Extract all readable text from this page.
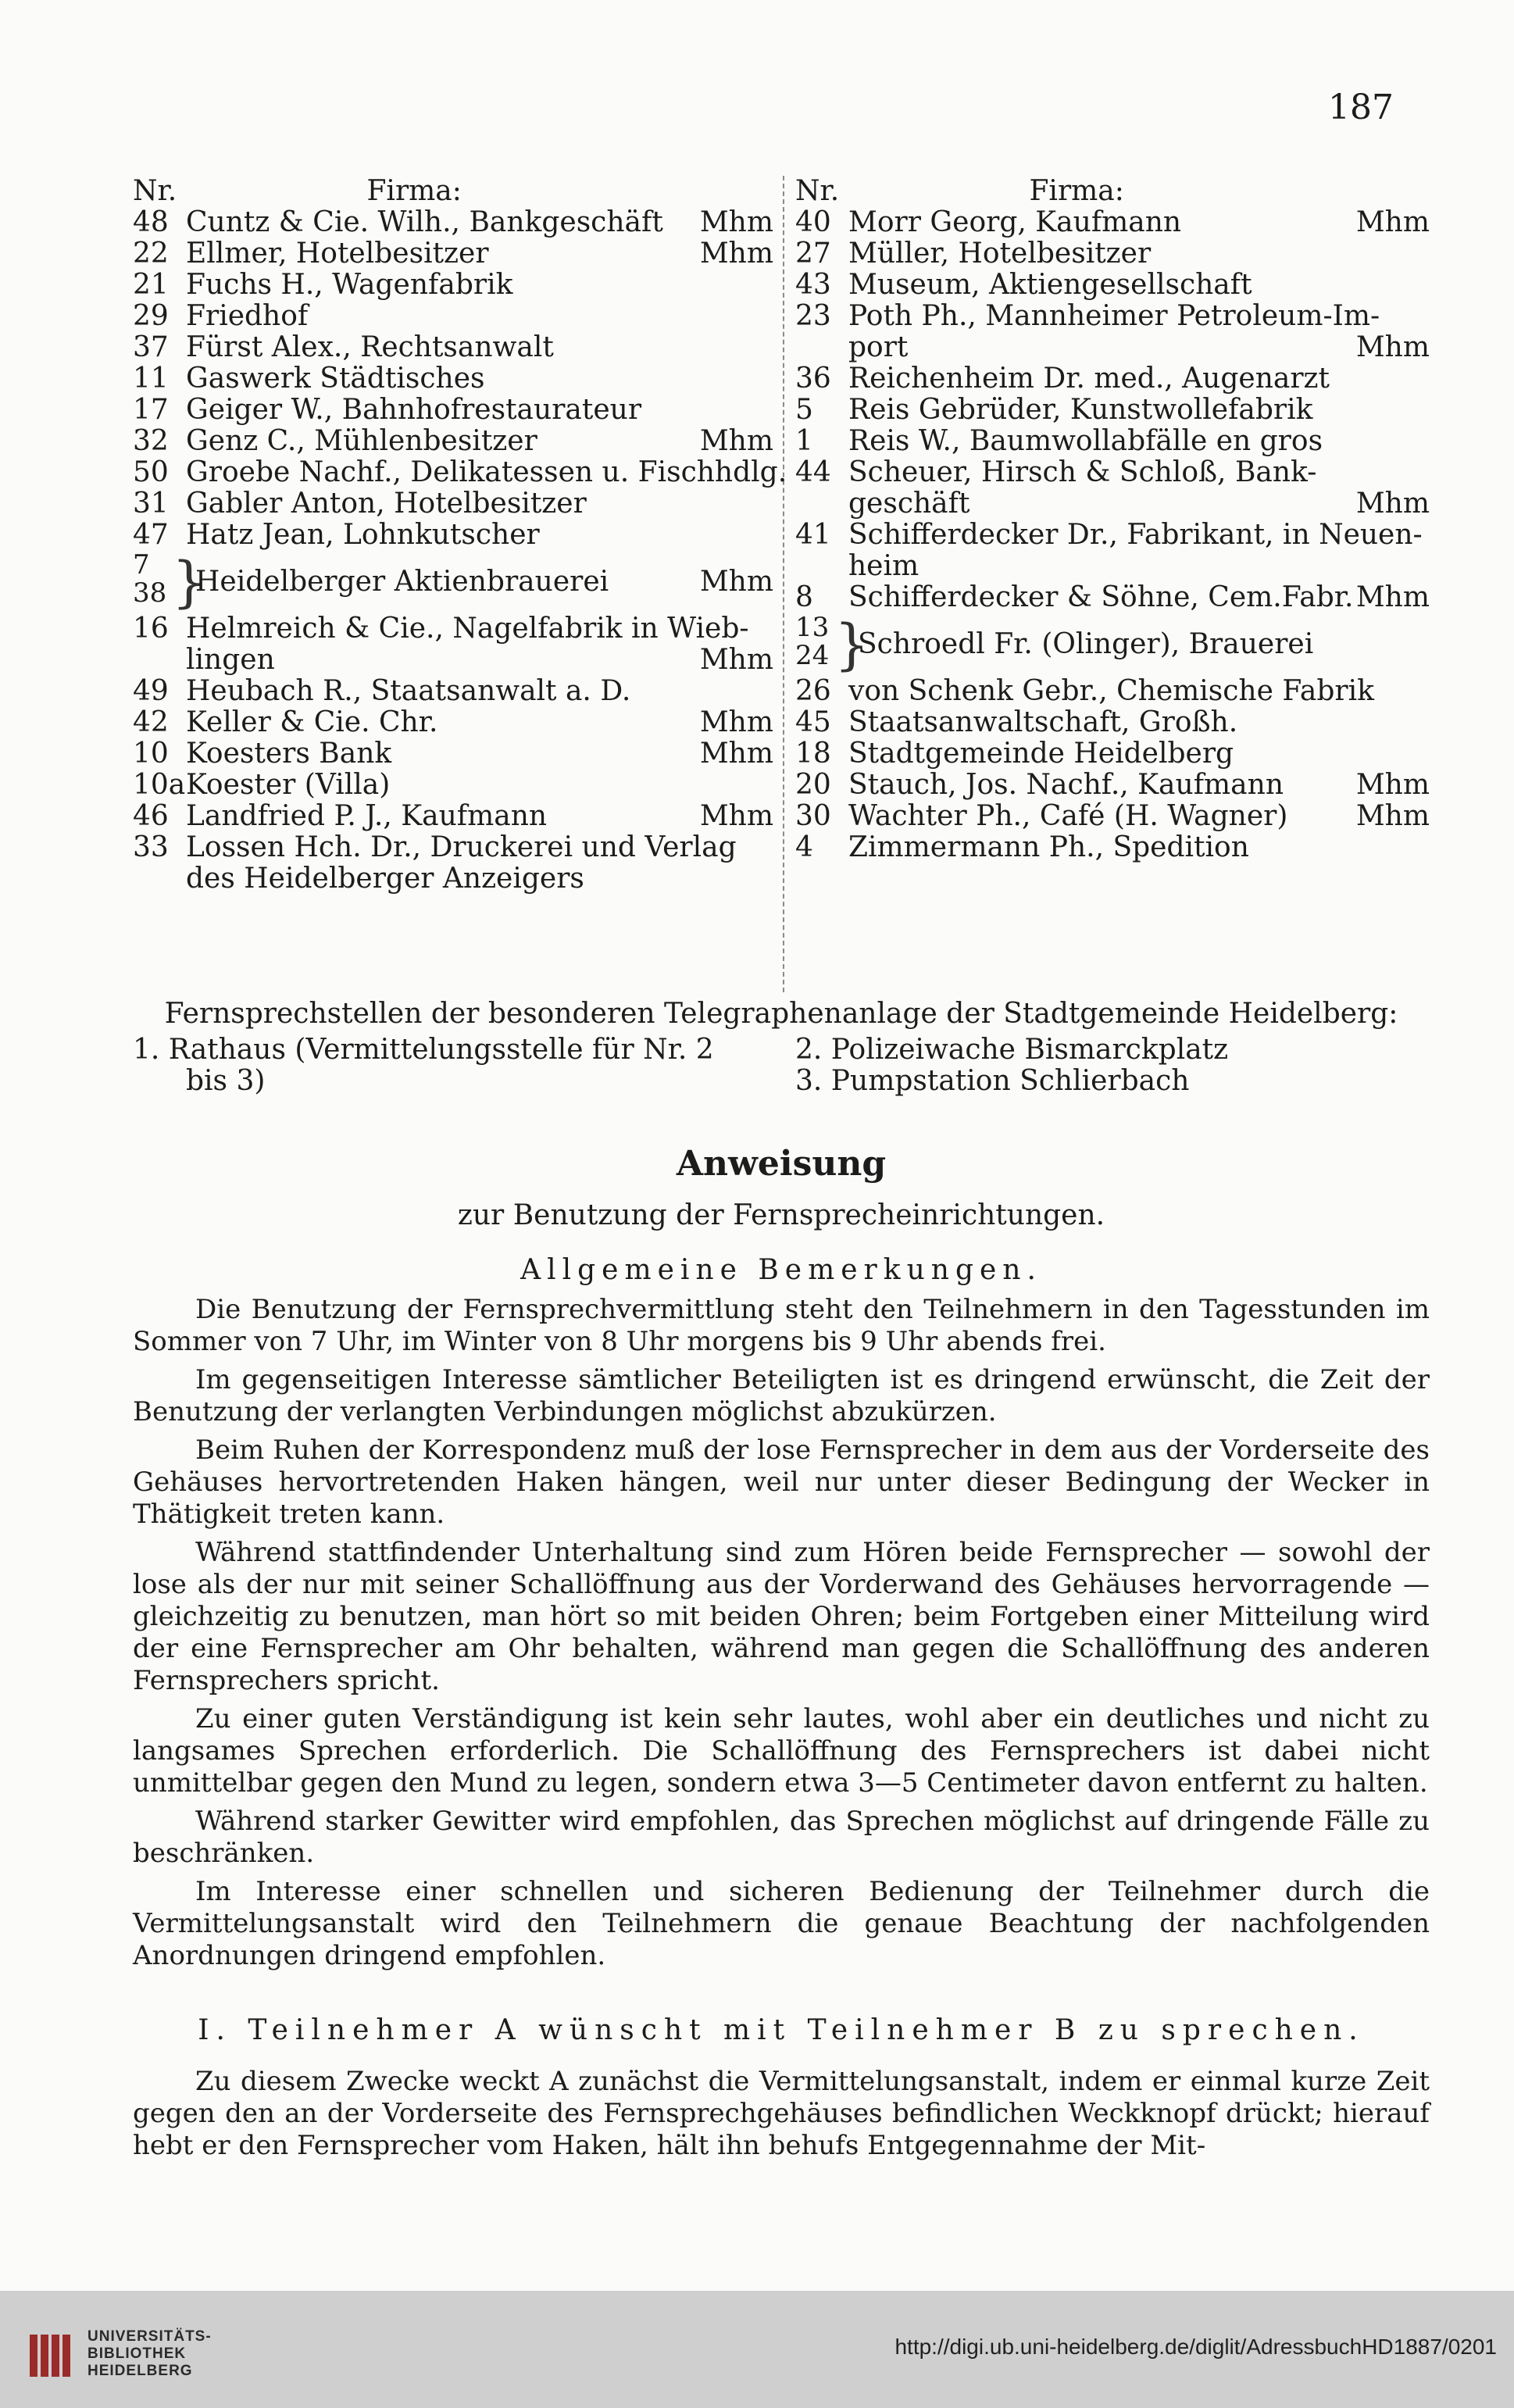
187
Nr.	Firma:
48 Cuntz & Cie. Wilh., Bankgeschäft Mhm
22 Ellmer, Hotelbesitzer	Mhm
21 Fuchs H., Wagenfabrik
29 Friedhof
37 Fürst Alex., Rechtsanwalt
11 Gaswerk Städtisches
17 Geiger W., Bahnhofrestaurateur
32 Genz C., Mühlenbesitzer	Mhm
50 Groebe Nachf., Delikatessen u. Fischhdlg.
31 Gabler Anton, Hotelbesitzer
47 Hatz Jean, Lohnkutscher
7
38}Heidelberger Aktienbrauerei	Mhm
16 Helmreich & Cie., Nagelfabrik in Wieb-
lingen	Mhm
49 Heubach R., Staatsanwalt a. D.
42 Keller & Cie. Chr.	Mhm
10 Koesters Bank	Mhm
10aKoester (Villa)
46 Landfried P. J., Kaufmann	Mhm
33 Lossen Hch. Dr., Druckerei und Verlag
des Heidelberger Anzeigers
Nr.	Firma:
40 Morr Georg, Kaufmann	Mhm
27 Müller, Hotelbesitzer
43 Museum, Aktiengesellschaft
23 Poth Ph., Mannheimer Petroleum-Im-
port	Mhm
36 Reichenheim Dr. med., Augenarzt
5 Reis Gebrüder, Kunstwollefabrik
1 Reis W., Baumwollabfälle en gros
44 Scheuer, Hirsch & Schloß, Bank-
geschäft	Mhm
41 Schifferdecker Dr., Fabrikant, in Neuen-
heim
8 Schifferdecker & Söhne, Cem.Fabr. Mhm
13
24}Schroedl Fr. (Olinger), Brauerei
26 von Schenk Gebr., Chemische Fabrik
45 Staatsanwaltschaft, Großh.
18 Stadtgemeinde Heidelberg
20 Stauch, Jos. Nachf., Kaufmann	Mhm
30 Wachter Ph., Café (H. Wagner) Mhm
4 Zimmermann Ph., Spedition
Fernsprechstellen der besonderen Telegraphenanlage der Stadtgemeinde Heidelberg:
1. Rathaus (Vermittelungsstelle für Nr. 2
bis 3)
2. Polizeiwache Bismarckplatz
3. Pumpstation Schlierbach
Anweisung
zur Benutzung der Fernsprecheinrichtungen.
Allgemeine Bemerkungen.

Die Benutzung der Fernsprechvermittlung steht den Teilnehmern in den Tagesstunden im Sommer von 7 Uhr, im Winter von 8 Uhr morgens bis 9 Uhr abends frei.

Im gegenseitigen Interesse sämtlicher Beteiligten ist es dringend erwünscht, die Zeit der Benutzung der verlangten Verbindungen möglichst abzukürzen.

Beim Ruhen der Korrespondenz muß der lose Fernsprecher in dem aus der Vorderseite des Gehäuses hervortretenden Haken hängen, weil nur unter dieser Bedingung der Wecker in Thätigkeit treten kann.

Während stattfindender Unterhaltung sind zum Hören beide Fernsprecher — sowohl der lose als der nur mit seiner Schallöffnung aus der Vorderwand des Gehäuses hervorragende — gleichzeitig zu benutzen, man hört so mit beiden Ohren; beim Fortgeben einer Mitteilung wird der eine Fernsprecher am Ohr behalten, während man gegen die Schallöffnung des anderen Fernsprechers spricht.

Zu einer guten Verständigung ist kein sehr lautes, wohl aber ein deutliches und nicht zu langsames Sprechen erforderlich. Die Schallöffnung des Fernsprechers ist dabei nicht unmittelbar gegen den Mund zu legen, sondern etwa 3—5 Centimeter davon entfernt zu halten.

Während starker Gewitter wird empfohlen, das Sprechen möglichst auf dringende Fälle zu beschränken.

Im Interesse einer schnellen und sicheren Bedienung der Teilnehmer durch die Vermittelungsanstalt wird den Teilnehmern die genaue Beachtung der nachfolgenden Anordnungen dringend empfohlen.

I. Teilnehmer A wünscht mit Teilnehmer B zu sprechen.

Zu diesem Zwecke weckt A zunächst die Vermittelungsanstalt, indem er einmal kurze Zeit gegen den an der Vorderseite des Fernsprechgehäuses befindlichen Weckknopf drückt; hierauf hebt er den Fernsprecher vom Haken, hält ihn behufs Entgegennahme der Mit-

UNIVERSITÄTS-
BIBLIOTHEK
HEIDELBERG
http://digi.ub.uni-heidelberg.de/diglit/AdressbuchHD1887/0201
